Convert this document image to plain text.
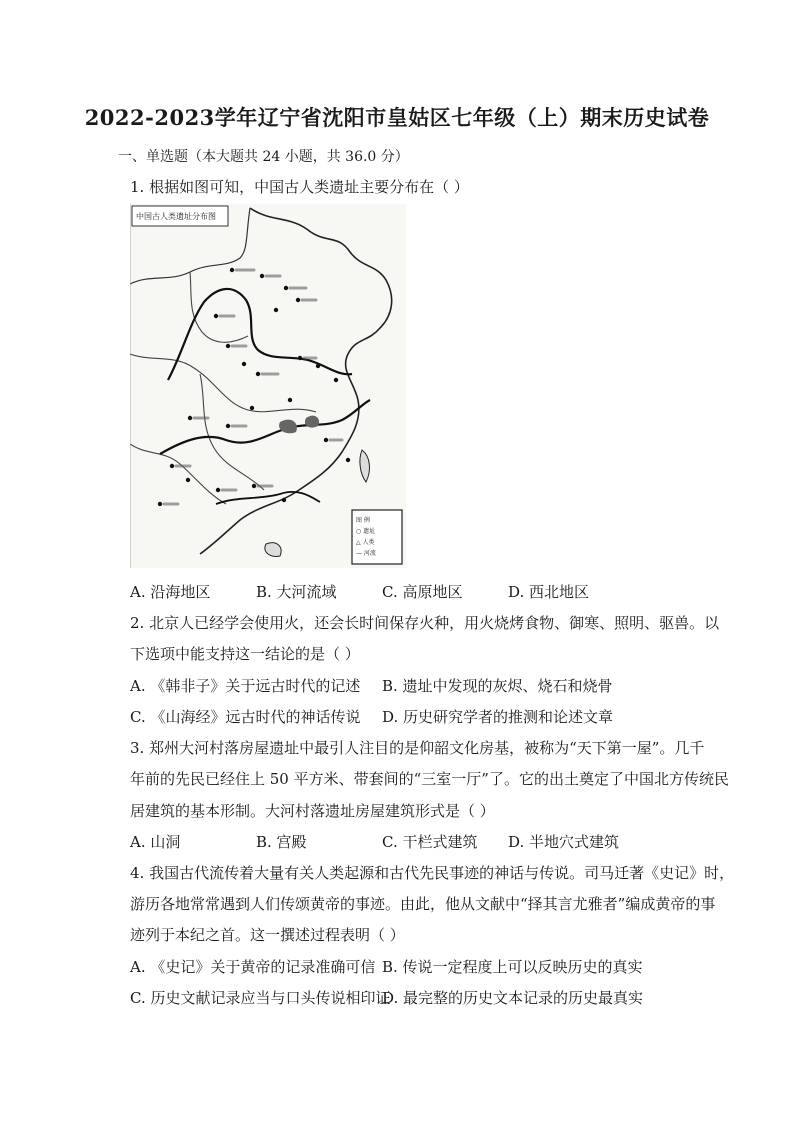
2022-2023学年辽宁省沈阳市皇姑区七年级（上）期末历史试卷
一、单选题（本大题共 24 小题，共 36.0 分）
1. 根据如图可知，中国古人类遗址主要分布在（ ）
中国古人类遗址分布图
图 例
○ 遗址
△ 人类
— 河流
A. 沿海地区	B. 大河流域	C. 高原地区	D. 西北地区
2. 北京人已经学会使用火，还会长时间保存火种，用火烧烤食物、御寒、照明、驱兽。以
下选项中能支持这一结论的是（ ）
A. 《韩非子》关于远古时代的记述 B. 遗址中发现的灰烬、烧石和烧骨
C. 《山海经》远古时代的神话传说 D. 历史研究学者的推测和论述文章
3. 郑州大河村落房屋遗址中最引人注目的是仰韶文化房基，被称为“天下第一屋”。几千
年前的先民已经住上 50 平方米、带套间的“三室一厅”了。它的出土奠定了中国北方传统民
居建筑的基本形制。大河村落遗址房屋建筑形式是（ ）
A. 山洞	B. 宫殿	C. 干栏式建筑 D. 半地穴式建筑
4. 我国古代流传着大量有关人类起源和古代先民事迹的神话与传说。司马迁著《史记》时，
游历各地常常遇到人们传颂黄帝的事迹。由此，他从文献中“择其言尤雅者”编成黄帝的事
迹列于本纪之首。这一撰述过程表明（ ）
A. 《史记》关于黄帝的记录准确可信 B. 传说一定程度上可以反映历史的真实
C. 历史文献记录应当与口头传说相印证
D. 最完整的历史文本记录的历史最真实
